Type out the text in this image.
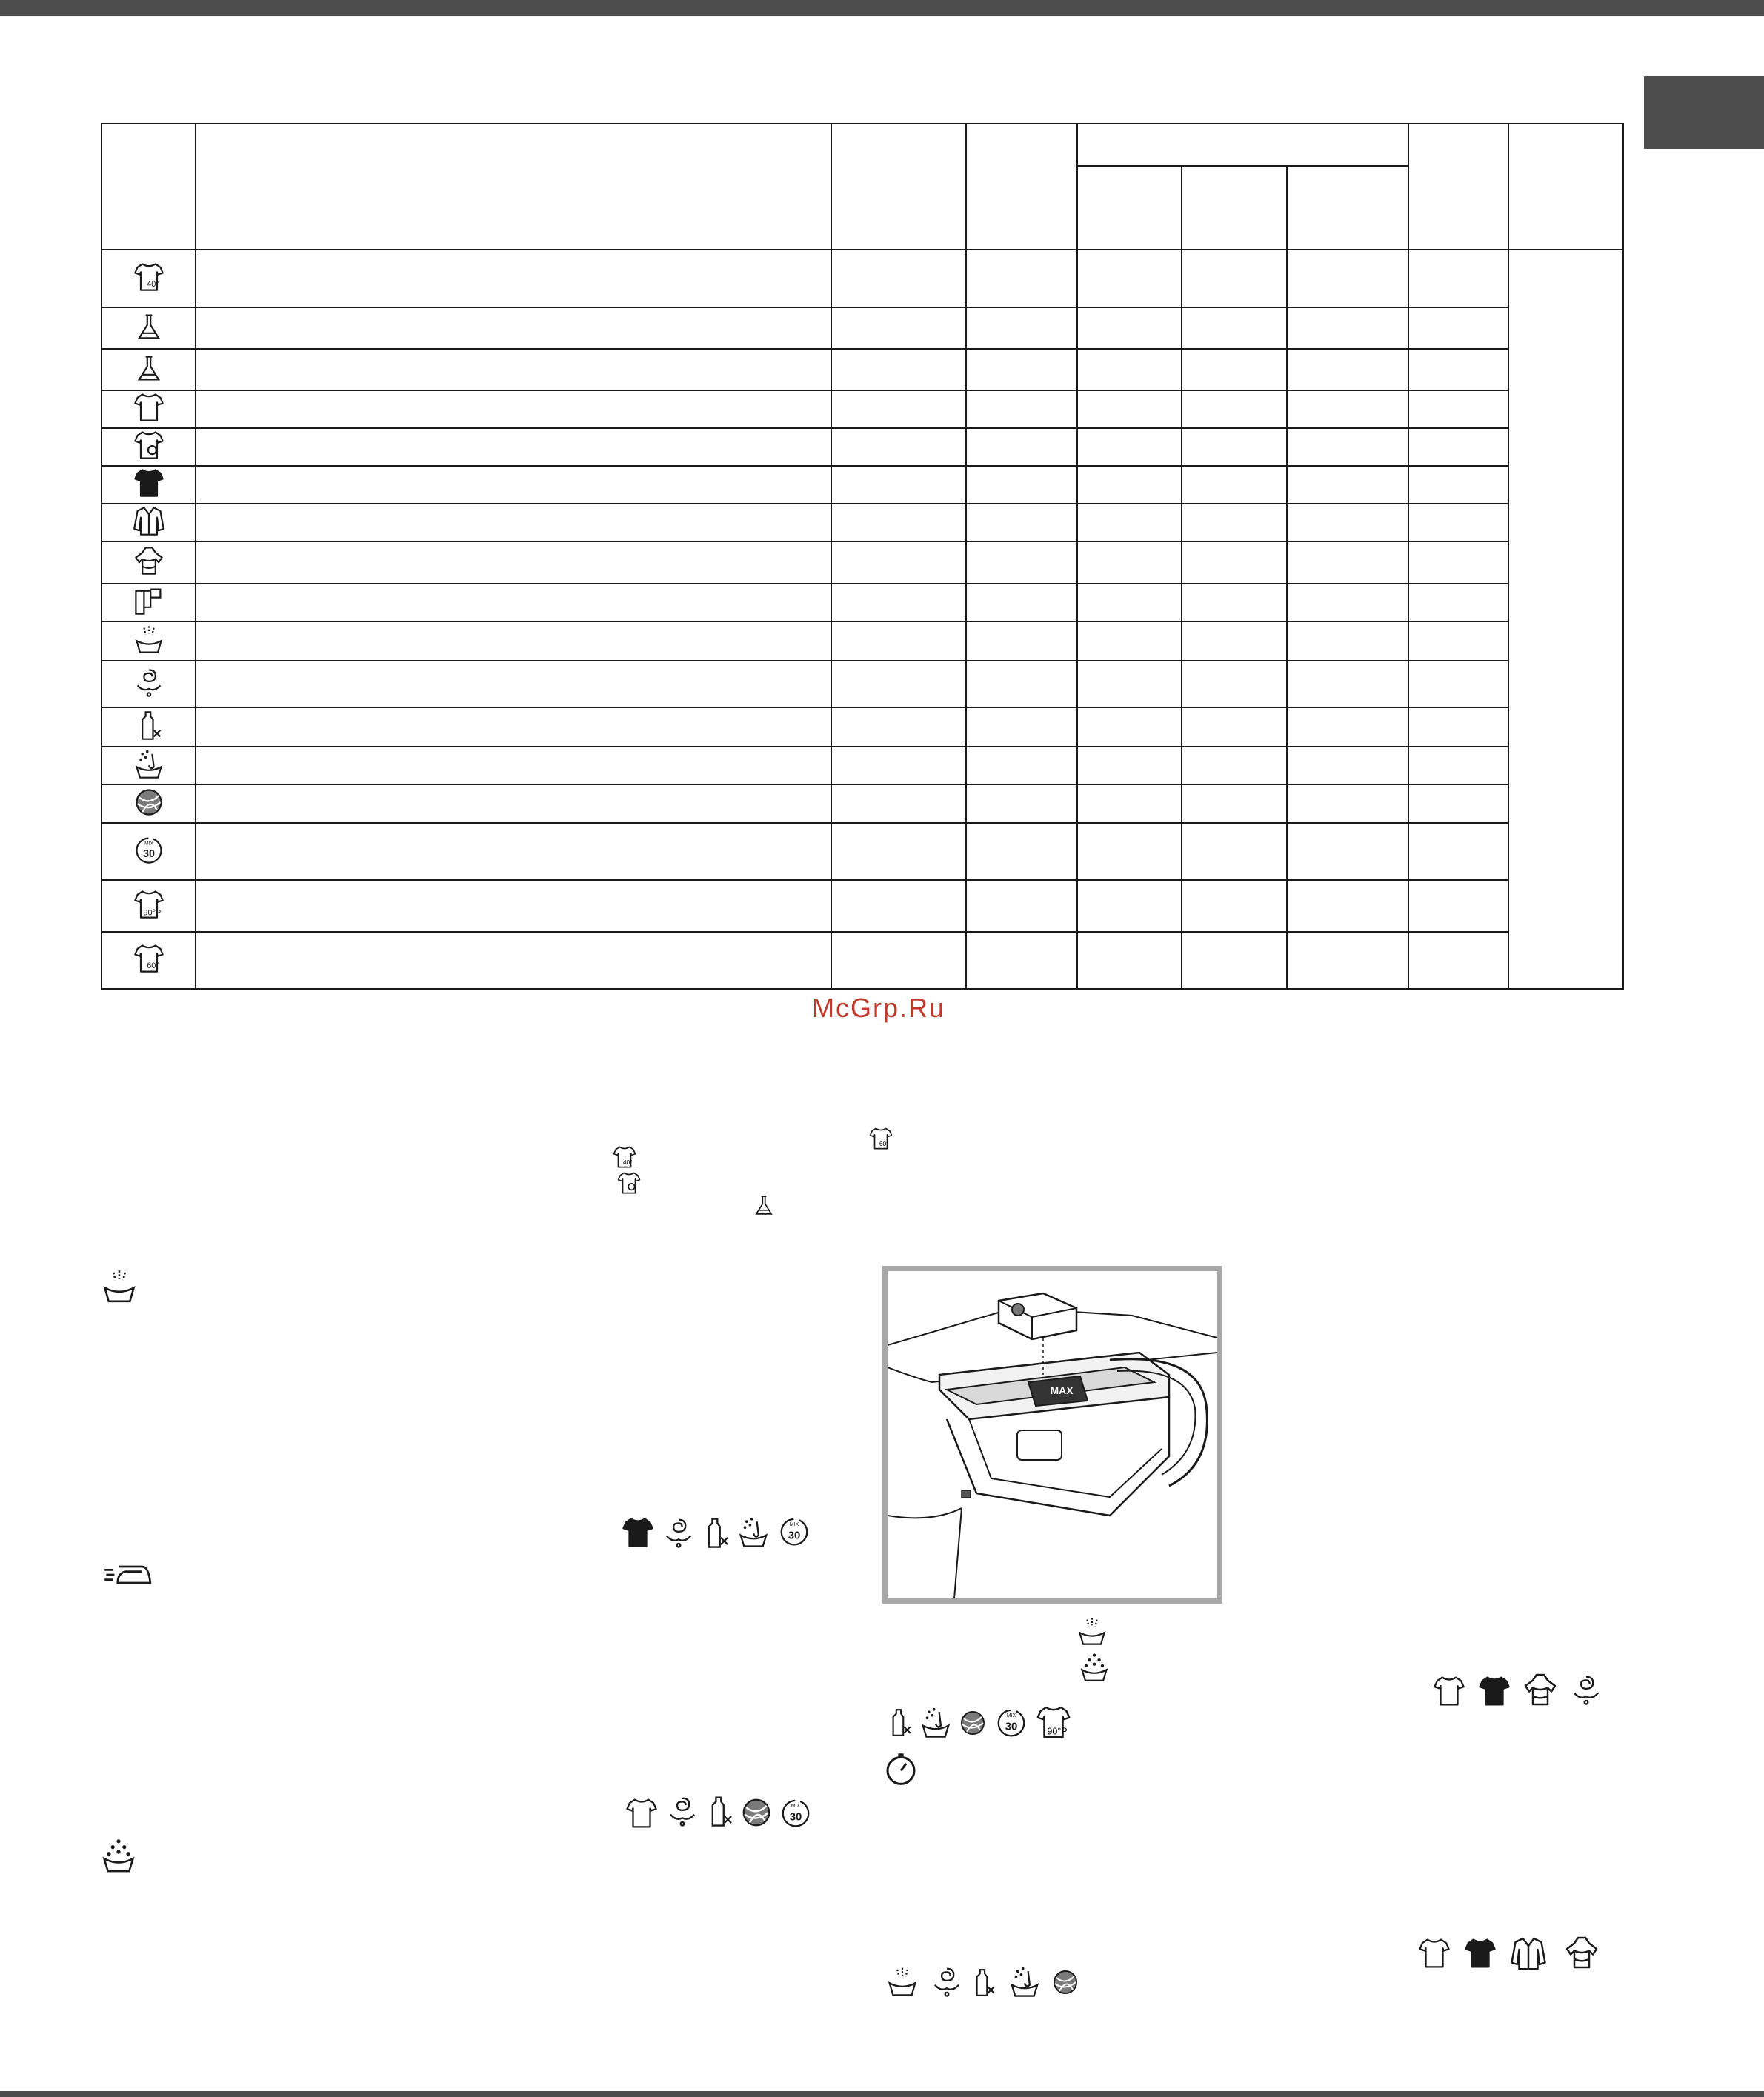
40°								

90°P								

60°								

McGrp.Ru
60°
40°
MAX
90°P
